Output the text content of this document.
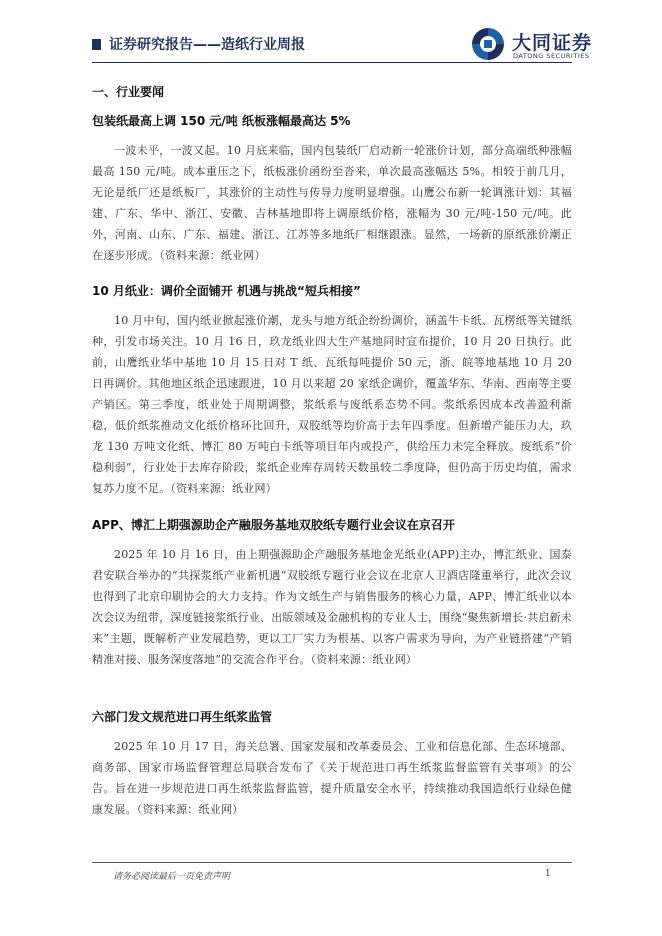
证券研究报告——造纸行业周报	大同证券
DATONG SECURITIES
一、行业要闻
包装纸最高上调 150 元/吨 纸板涨幅最高达 5%

一波未平，一波又起。10 月底来临，国内包装纸厂启动新一轮涨价计划，部分高端纸种涨幅最高 150 元/吨。成本重压之下，纸板涨价函纷至沓来，单次最高涨幅达 5%。相较于前几月，无论是纸厂还是纸板厂，其涨价的主动性与传导力度明显增强。山鹰公布新一轮调涨计划：其福建、广东、华中、浙江、安徽、吉林基地即将上调原纸价格，涨幅为 30 元/吨-150 元/吨。此外，河南、山东、广东、福建、浙江、江苏等多地纸厂相继跟涨。显然，一场新的原纸涨价潮正在逐步形成。（资料来源：纸业网）

10 月纸业：调价全面铺开 机遇与挑战“短兵相接”

10 月中旬，国内纸业掀起涨价潮，龙头与地方纸企纷纷调价，涵盖牛卡纸、瓦楞纸等关键纸种，引发市场关注。10 月 16 日，玖龙纸业四大生产基地同时宣布提价，10 月 20 日执行。此前，山鹰纸业华中基地 10 月 15 日对 T 纸、瓦纸每吨提价 50 元，浙、皖等地基地 10 月 20 日再调价。其他地区纸企迅速跟进，10 月以来超 20 家纸企调价，覆盖华东、华南、西南等主要产销区。第三季度，纸业处于周期调整，浆纸系与废纸系态势不同。浆纸系因成本改善盈利渐稳，低价纸浆推动文化纸价格环比回升，双胶纸等均价高于去年四季度。但新增产能压力大，玖龙 130 万吨文化纸、博汇 80 万吨白卡纸等项目年内或投产，供给压力未完全释放。废纸系“价稳利弱”，行业处于去库存阶段，浆纸企业库存周转天数虽较二季度降，但仍高于历史均值，需求复苏力度不足。（资料来源：纸业网）

APP、博汇上期强源助企产融服务基地双胶纸专题行业会议在京召开

2025 年 10 月 16 日，由上期强源助企产融服务基地金光纸业(APP)主办，博汇纸业、国泰君安联合举办的“共探浆纸产业新机遇”双胶纸专题行业会议在北京人卫酒店隆重举行，此次会议也得到了北京印刷协会的大力支持。作为文纸生产与销售服务的核心力量，APP、博汇纸业以本次会议为纽带，深度链接浆纸行业、出版领域及金融机构的专业人士，围绕“聚焦新增长·共启新未来”主题，既解析产业发展趋势，更以工厂实力为根基、以客户需求为导向，为产业链搭建“产销精准对接、服务深度落地”的交流合作平台。（资料来源：纸业网）

六部门发文规范进口再生纸浆监管

2025 年 10 月 17 日，海关总署、国家发展和改革委员会、工业和信息化部、生态环境部、商务部、国家市场监督管理总局联合发布了《关于规范进口再生纸浆监督监管有关事项》的公告。旨在进一步规范进口再生纸浆监督监管，提升质量安全水平，持续推动我国造纸行业绿色健康发展。（资料来源：纸业网）

请务必阅读最后一页免责声明	1
